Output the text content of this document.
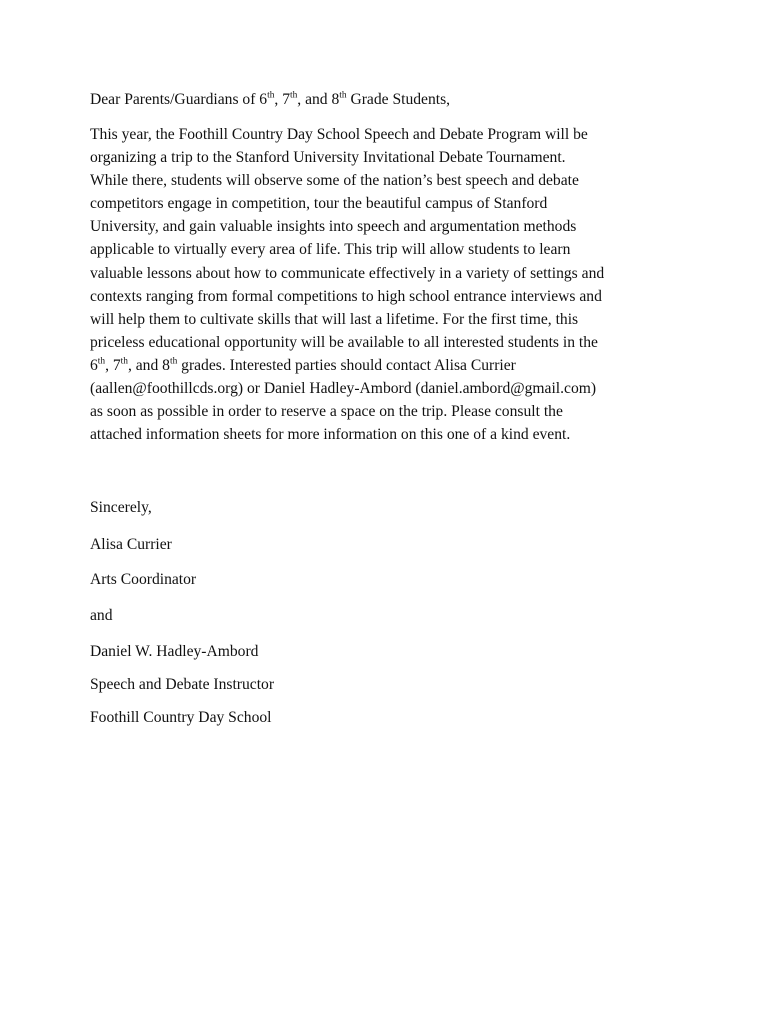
Dear Parents/Guardians of 6th, 7th, and 8th Grade Students,

This year, the Foothill Country Day School Speech and Debate Program will be
organizing a trip to the Stanford University Invitational Debate Tournament.
While there, students will observe some of the nation’s best speech and debate
competitors engage in competition, tour the beautiful campus of Stanford
University, and gain valuable insights into speech and argumentation methods
applicable to virtually every area of life. This trip will allow students to learn
valuable lessons about how to communicate effectively in a variety of settings and
contexts ranging from formal competitions to high school entrance interviews and
will help them to cultivate skills that will last a lifetime. For the first time, this
priceless educational opportunity will be available to all interested students in the
6th, 7th, and 8th grades. Interested parties should contact Alisa Currier
(aallen@foothillcds.org) or Daniel Hadley-Ambord (daniel.ambord@gmail.com)
as soon as possible in order to reserve a space on the trip. Please consult the
attached information sheets for more information on this one of a kind event.
Sincerely,
Alisa Currier
Arts Coordinator
and
Daniel W. Hadley-Ambord
Speech and Debate Instructor
Foothill Country Day School
